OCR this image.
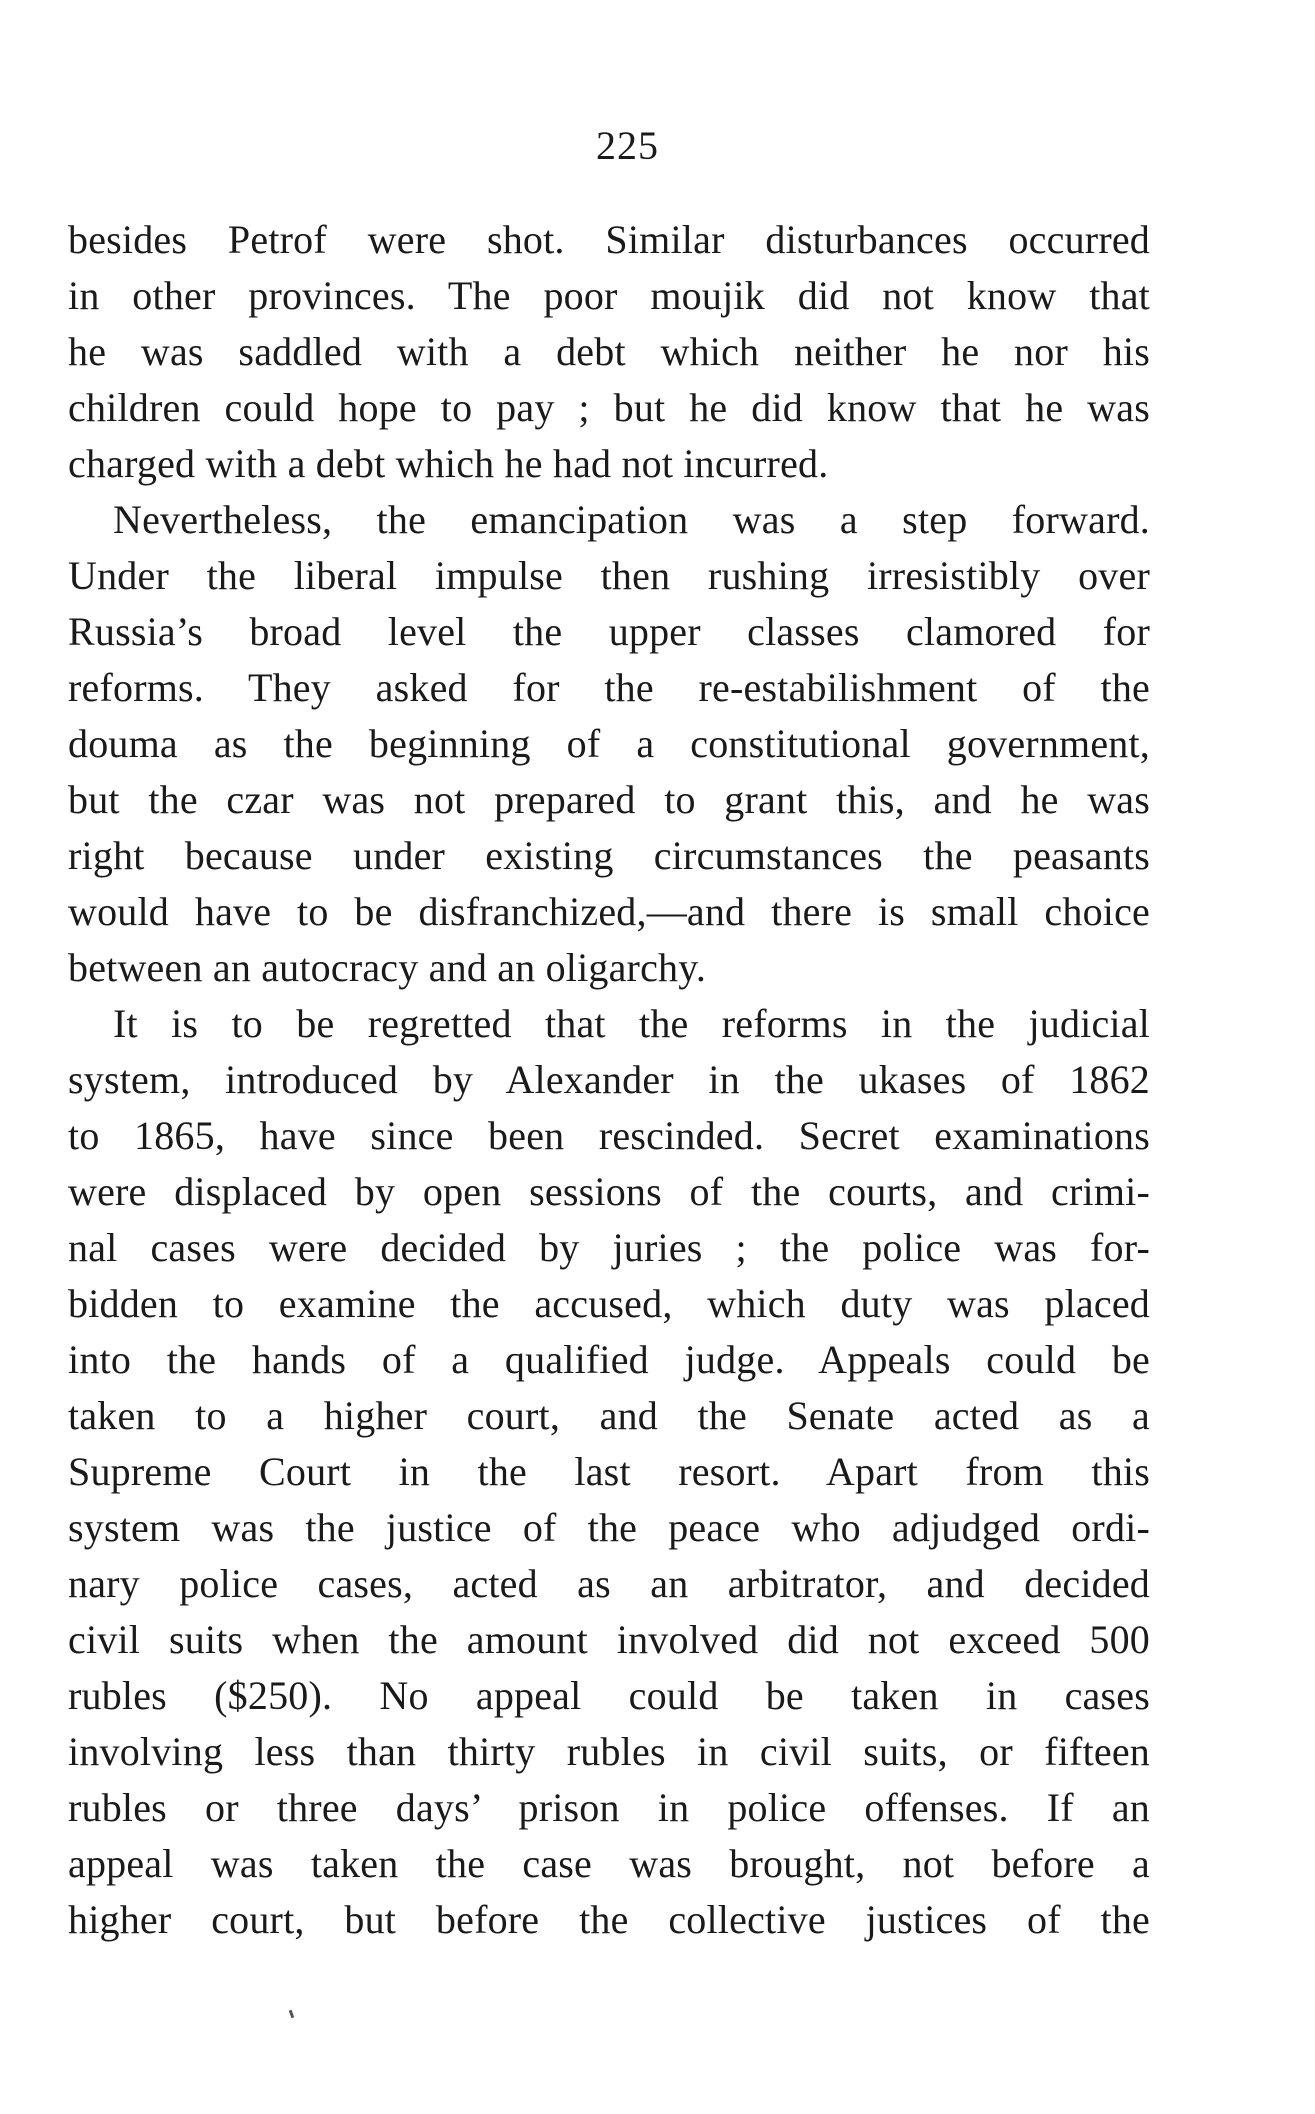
225
besides Petrof were shot. Similar disturbances occurred
in other provinces. The poor moujik did not know that
he was saddled with a debt which neither he nor his
children could hope to pay ; but he did know that he was
charged with a debt which he had not incurred.
Nevertheless, the emancipation was a step forward.
Under the liberal impulse then rushing irresistibly over
Russia’s broad level the upper classes clamored for
reforms. They asked for the re-estabilishment of the
douma as the beginning of a constitutional government,
but the czar was not prepared to grant this, and he was
right because under existing circumstances the peasants
would have to be disfranchized,—and there is small choice
between an autocracy and an oligarchy.
It is to be regretted that the reforms in the judicial
system, introduced by Alexander in the ukases of 1862
to 1865, have since been rescinded. Secret examinations
were displaced by open sessions of the courts, and crimi-
nal cases were decided by juries ; the police was for-
bidden to examine the accused, which duty was placed
into the hands of a qualified judge. Appeals could be
taken to a higher court, and the Senate acted as a
Supreme Court in the last resort. Apart from this
system was the justice of the peace who adjudged ordi-
nary police cases, acted as an arbitrator, and decided
civil suits when the amount involved did not exceed 500
rubles ($250). No appeal could be taken in cases
involving less than thirty rubles in civil suits, or fifteen
rubles or three days’ prison in police offenses. If an
appeal was taken the case was brought, not before a
higher court, but before the collective justices of the
